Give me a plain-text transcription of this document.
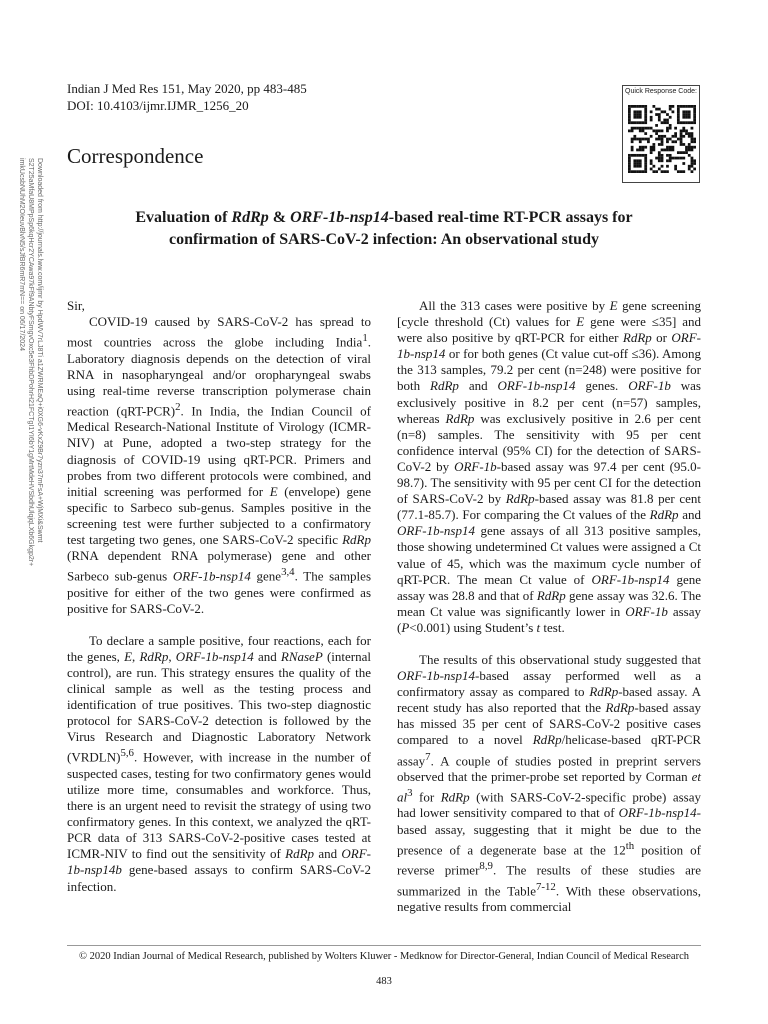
Indian J Med Res 151, May 2020, pp 483-485
DOI: 10.4103/ijmr.IJMR_1256_20
Quick Response Code:
Correspondence
Evaluation of RdRp & ORF-1b-nsp14-based real-time RT-PCR assays for
confirmation of SARS-CoV-2 infection: An observational study
Downloaded from http://journals.lww.com/ijmr by HpdWV7rLJ8Ti a1ZWRMEaQ+i0XG6-vKxZ9Br7yzn37mFsA+WjMXi&Swmt
S2T25aMfaU8MPpSp6kqHcr2YCAwa97kFf9ANbtyFSmgvOxc5e3FhbDPohrH21FCTgI1YI6bY1gMrtMdeHVSbdhUlqjqLXb6Gkgp2r+
imkUcsbNUhM2OIeuvBlvN5/sJfBR6mR7mN== on 06/17/2024	Sir,

COVID-19 caused by SARS-CoV-2 has spread to most countries across the globe including India$^1$. Laboratory diagnosis depends on the detection of viral RNA in nasopharyngeal and/or oropharyngeal swabs using real-time reverse transcription polymerase chain reaction $(qRT-PCR)^2$. In India, the Indian Council of Medical Research-National Institute of Virology (ICMR-NIV) at Pune, adopted a two-step strategy for the diagnosis of COVID-19 using qRT-PCR. Primers and probes from two different protocols were combined, and initial screening was performed for E (envelope) gene specific to Sarbeco sub-genus. Samples positive in the screening test were further subjected to a confirmatory test targeting two genes, one SARS-CoV-2 specific RdRp (RNA dependent RNA polymerase) gene and other Sarbeco sub-genus ORF-1b-nsp14 gene$^{3,4}$. The samples positive for either of the two genes were confirmed as positive for SARS-CoV-2.

To declare a sample positive, four reactions, each for the genes, E, RdRp, ORF-1b-nsp14 and RNaseP (internal control), are run. This strategy ensures the quality of the clinical sample as well as the testing process and identification of true positives. This two-step diagnostic protocol for SARS-CoV-2 detection is followed by the Virus Research and Diagnostic Laboratory Network (VRDLN)$^{5,6}$. However, with increase in the number of suspected cases, testing for two confirmatory genes would utilize more time, consumables and workforce. Thus, there is an urgent need to revisit the strategy of using two confirmatory genes. In this context, we analyzed the qRT-PCR data of 313 SARS-CoV-2-positive cases tested at ICMR-NIV to find out the sensitivity of RdRp and ORF-1b-nsp14b gene-based assays to confirm SARS-CoV-2 infection.

All the 313 cases were positive by E gene screening [cycle threshold (Ct) values for E gene were ≤35] and were also positive by qRT-PCR for either RdRp or ORF-1b-nsp14 or for both genes (Ct value cut-off ≤36). Among the 313 samples, 79.2 per cent (n=248) were positive for both RdRp and ORF-1b-nsp14 genes. ORF-1b was exclusively positive in 8.2 per cent (n=57) samples, whereas RdRp was exclusively positive in 2.6 per cent (n=8) samples. The sensitivity with 95 per cent confidence interval (95% CI) for the detection of SARS-CoV-2 by ORF-1b-based assay was 97.4 per cent (95.0-98.7). The sensitivity with 95 per cent CI for the detection of SARS-CoV-2 by RdRp-based assay was 81.8 per cent (77.1-85.7). For comparing the Ct values of the RdRp and ORF-1b-nsp14 gene assays of all 313 positive samples, those showing undetermined Ct values were assigned a Ct value of 45, which was the maximum cycle number of qRT-PCR. The mean Ct value of ORF-1b-nsp14 gene assay was 28.8 and that of RdRp gene assay was 32.6. The mean Ct value was significantly lower in ORF-1b assay (P<0.001) using Student’s t test.

The results of this observational study suggested that ORF-1b-nsp14-based assay performed well as a confirmatory assay as compared to RdRp-based assay. A recent study has also reported that the RdRp-based assay has missed 35 per cent of SARS-CoV-2 positive cases compared to a novel RdRp/helicase-based qRT-PCR assay$^7$. A couple of studies posted in preprint servers observed that the primer-probe set reported by Corman et $al^3$ for RdRp (with SARS-CoV-2-specific probe) assay had lower sensitivity compared to that of ORF-1b-nsp14-based assay, suggesting that it might be due to the presence of a degenerate base at the 12th position of reverse primer$^{8,9}$. The results of these studies are summarized in the Table$^{7-12}$. With these observations, negative results from commercial

© 2020 Indian Journal of Medical Research, published by Wolters Kluwer - Medknow for Director-General, Indian Council of Medical Research
483
